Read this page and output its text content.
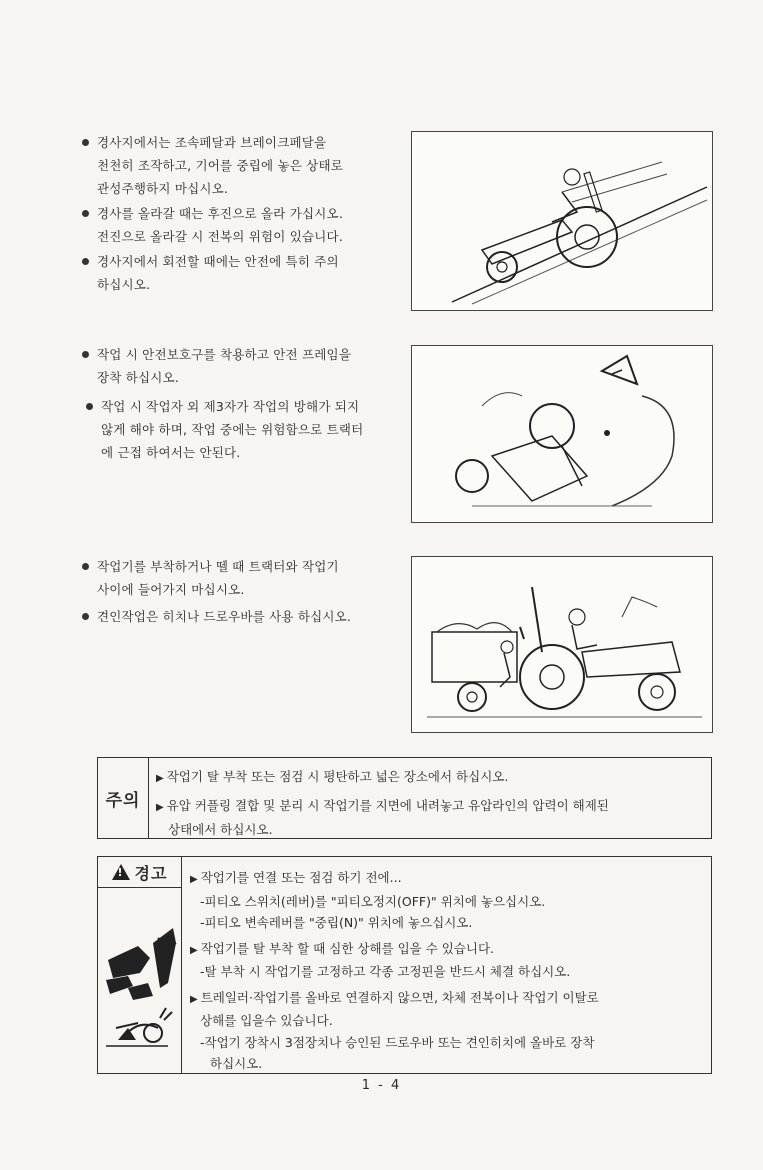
경사지에서는 조속페달과 브레이크페달을
천천히 조작하고, 기어를 중립에 놓은 상태로
관성주행하지 마십시오.
경사를 올라갈 때는 후진으로 올라 가십시오.
전진으로 올라갈 시 전복의 위험이 있습니다.
경사지에서 회전할 때에는 안전에 특히 주의
하십시오.
작업 시 안전보호구를 착용하고 안전 프레임을
장착 하십시오.
작업 시 작업자 외 제3자가 작업의 방해가 되지
않게 해야 하며, 작업 중에는 위험함으로 트랙터
에 근접 하여서는 안된다.
작업기를 부착하거나 뗄 때 트랙터와 작업기
사이에 들어가지 마십시오.
견인작업은 히치나 드로우바를 사용 하십시오.
주의
▶ 작업기 탈 부착 또는 점검 시 평탄하고 넓은 장소에서 하십시오.
▶ 유압 커플링 결합 및 분리 시 작업기를 지면에 내려놓고 유압라인의 압력이 해제된
상태에서 하십시오.
!
경고 ▶ 작업기를 연결 또는 점검 하기 전에...
-피티오 스위치(레버)를 "피티오정지(OFF)" 위치에 놓으십시오.
-피티오 변속레버를 "중립(N)" 위치에 놓으십시오.
▶ 작업기를 탈 부착 할 때 심한 상해를 입을 수 있습니다.
-탈 부착 시 작업기를 고정하고 각종 고정핀을 반드시 체결 하십시오.
▶ 트레일러·작업기를 올바로 연결하지 않으면, 차체 전복이나 작업기 이탈로
상해를 입을수 있습니다.
-작업기 장착시 3점장치나 승인된 드로우바 또는 견인히치에 올바로 장착
하십시오.
1 - 4
